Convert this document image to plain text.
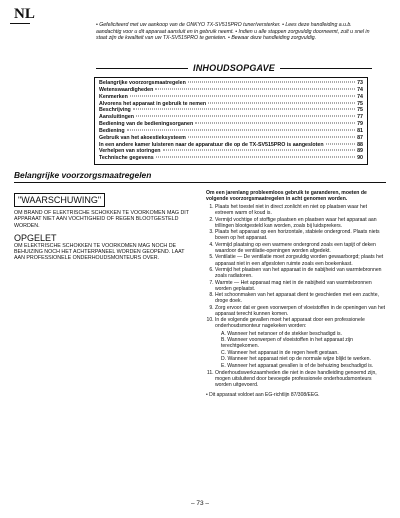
NL
• Gefeliciteerd met uw aankoop van de ONKYO TX-SV515PRO tuner/versterker. • Lees deze handleiding a.u.b. aandachtig voor u dit apparaat aansluit en in gebruik neemt. • Indien u alle stappen zorgvuldig doorneemt, zult u snel in staat zijn de kwaliteit van uw TX-SV515PRO te genieten. • Bewaar deze handleiding zorgvuldig.
INHOUDSOPGAVE
Belangrijke voorzorgsmaatregelen	73
Wetenswaardigheden	74
Kenmerken	74
Alvorens het apparaat in gebruik te nemen	75
Beschrijving	75
Aansluitingen	77
Bediening van de bedieningsorganen	79
Bediening	81
Gebruik van het akoestieksysteem	87
In een andere kamer luisteren naar de apparatuur die op de TX-SV515PRO is aangesloten	88
Verhelpen van storingen	89
Technische gegevens	90
Belangrijke voorzorgsmaatregelen
"WAARSCHUWING"
OM BRAND OF ELEKTRISCHE SCHOKKEN TE VOORKOMEN MAG DIT APPARAAT NIET AAN VOCHTIGHEID OF REGEN BLOOTGESTELD WORDEN.
OPGELET
OM ELEKTRISCHE SCHOKKEN TE VOORKOMEN MAG NOCH DE BEHUIZING NOCH HET ACHTERPANEEL WORDEN GEOPEND. LAAT AAN PROFESSIONELE ONDERHOUDSMONTEURS OVER.

Om een jarenlang probleemloos gebruik te garanderen, moeten de volgende voorzorgsmaatregelen in acht genomen worden.

1. Plaats het toestel niet in direct zonlicht en niet op plaatsen waar het extreem warm of koud is.
2. Vermijd vochtige of stoffige plaatsen en plaatsen waar het apparaat aan trillingen blootgesteld kan worden, zoals bij luidsprekers.
3. Plaats het apparaat op een horizontale, stabiele ondergrond. Plaats niets boven op het apparaat.
4. Vermijd plaatsing op een warmere ondergrond zoals een tapijt of deken waardoor de ventilatie-openingen worden afgedekt.
5. Ventilatie — De ventilatie moet zorgvuldig worden gewaarborgd; plaats het apparaat niet in een afgesloten ruimte zoals een boekenkast.
6. Vermijd het plaatsen van het apparaat in de nabijheid van warmtebronnen zoals radiatoren.
7. Warmte — Het apparaat mag niet in de nabijheid van warmtebronnen worden geplaatst.
8. Het schoonmaken van het apparaat dient te geschieden met een zachte, droge doek.
9. Zorg ervoor dat er geen voorwerpen of vloeistoffen in de openingen van het apparaat terecht kunnen komen.
10. In de volgende gevallen moet het apparaat door een professionele onderhoudsmonteur nagekeken worden:
A. Wanneer het netsnoer of de stekker beschadigd is.
B. Wanneer voorwerpen of vloeistoffen in het apparaat zijn terechtgekomen.
C. Wanneer het apparaat in de regen heeft gestaan.
D. Wanneer het apparaat niet op de normale wijze blijkt te werken.
E. Wanneer het apparaat gevallen is of de behuizing beschadigd is.
11. Onderhoudswerkzaamheden die niet in deze handleiding genoemd zijn, mogen uitsluitend door bevoegde professionele onderhoudsmonteurs worden uitgevoerd.
• Dit apparaat voldoet aan EG-richtlijn 87/308/EEG.
– 73 –
